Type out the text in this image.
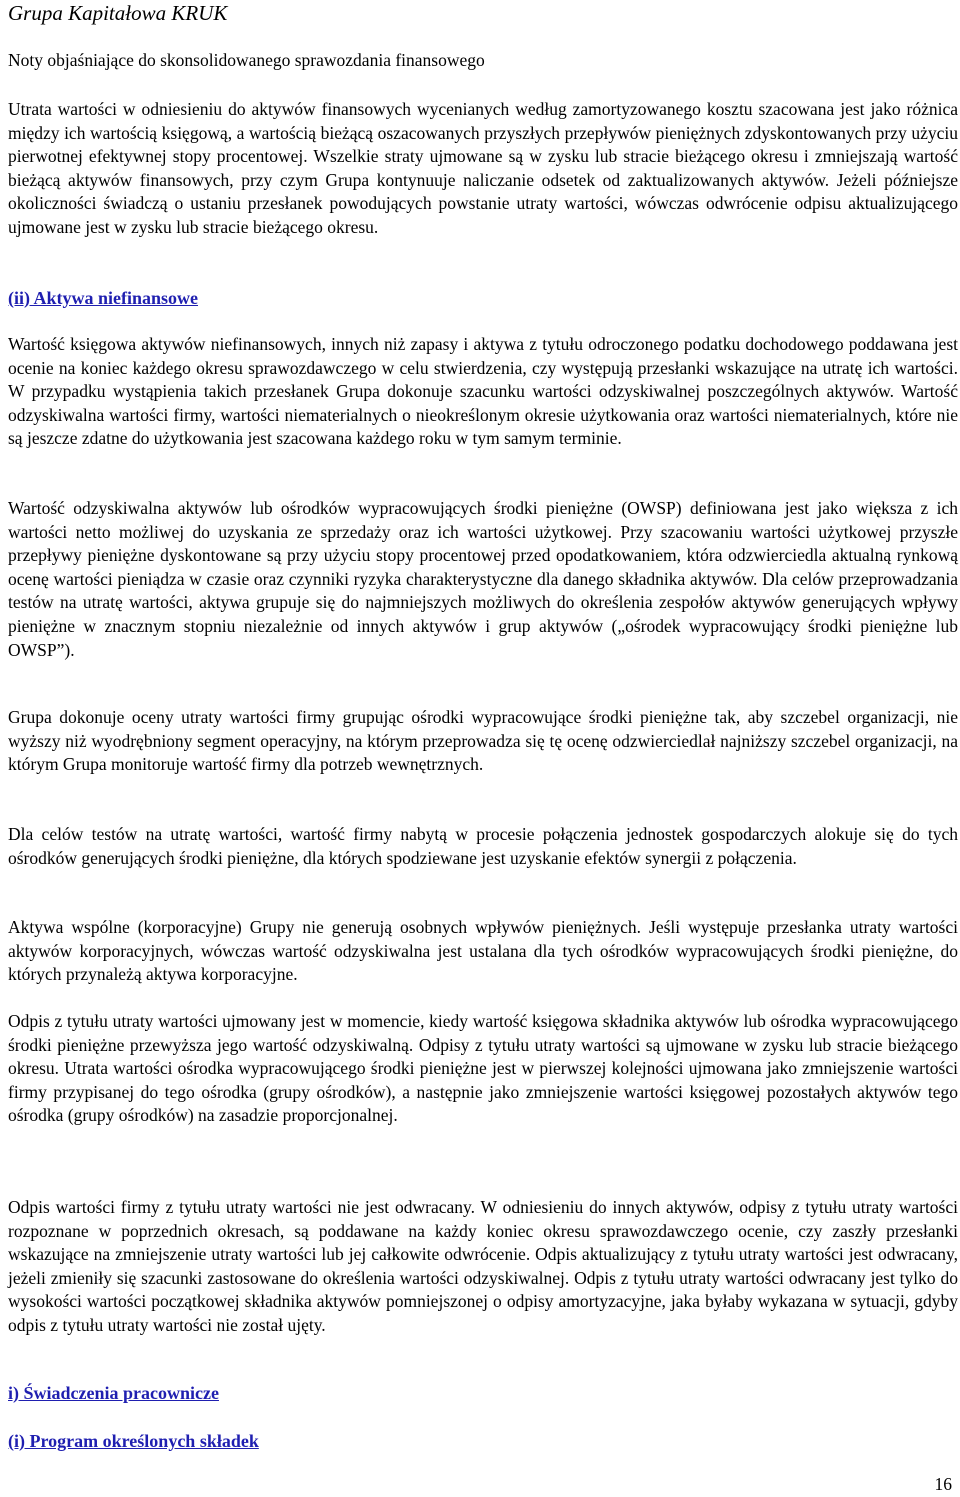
Grupa Kapitałowa KRUK
Noty objaśniające do skonsolidowanego sprawozdania finansowego

Utrata wartości w odniesieniu do aktywów finansowych wycenianych według zamortyzowanego kosztu szacowana jest jako różnica między ich wartością księgową, a wartością bieżącą oszacowanych przyszłych przepływów pieniężnych zdyskontowanych przy użyciu pierwotnej efektywnej stopy procentowej. Wszelkie straty ujmowane są w zysku lub stracie bieżącego okresu i zmniejszają wartość bieżącą aktywów finansowych, przy czym Grupa kontynuuje naliczanie odsetek od zaktualizowanych aktywów. Jeżeli późniejsze okoliczności świadczą o ustaniu przesłanek powodujących powstanie utraty wartości, wówczas odwrócenie odpisu aktualizującego ujmowane jest w zysku lub stracie bieżącego okresu.

(ii) Aktywa niefinansowe

Wartość księgowa aktywów niefinansowych, innych niż zapasy i aktywa z tytułu odroczonego podatku dochodowego poddawana jest ocenie na koniec każdego okresu sprawozdawczego w celu stwierdzenia, czy występują przesłanki wskazujące na utratę ich wartości. W przypadku wystąpienia takich przesłanek Grupa dokonuje szacunku wartości odzyskiwalnej poszczególnych aktywów. Wartość odzyskiwalna wartości firmy, wartości niematerialnych o nieokreślonym okresie użytkowania oraz wartości niematerialnych, które nie są jeszcze zdatne do użytkowania jest szacowana każdego roku w tym samym terminie.

Wartość odzyskiwalna aktywów lub ośrodków wypracowujących środki pieniężne (OWSP) definiowana jest jako większa z ich wartości netto możliwej do uzyskania ze sprzedaży oraz ich wartości użytkowej. Przy szacowaniu wartości użytkowej przyszłe przepływy pieniężne dyskontowane są przy użyciu stopy procentowej przed opodatkowaniem, która odzwierciedla aktualną rynkową ocenę wartości pieniądza w czasie oraz czynniki ryzyka charakterystyczne dla danego składnika aktywów. Dla celów przeprowadzania testów na utratę wartości, aktywa grupuje się do najmniejszych możliwych do określenia zespołów aktywów generujących wpływy pieniężne w znacznym stopniu niezależnie od innych aktywów i grup aktywów („ośrodek wypracowujący środki pieniężne lub OWSP”).

Grupa dokonuje oceny utraty wartości firmy grupując ośrodki wypracowujące środki pieniężne tak, aby szczebel organizacji, nie wyższy niż wyodrębniony segment operacyjny, na którym przeprowadza się tę ocenę odzwierciedlał najniższy szczebel organizacji, na którym Grupa monitoruje wartość firmy dla potrzeb wewnętrznych.

Dla celów testów na utratę wartości, wartość firmy nabytą w procesie połączenia jednostek gospodarczych alokuje się do tych ośrodków generujących środki pieniężne, dla których spodziewane jest uzyskanie efektów synergii z połączenia.

Aktywa wspólne (korporacyjne) Grupy nie generują osobnych wpływów pieniężnych. Jeśli występuje przesłanka utraty wartości aktywów korporacyjnych, wówczas wartość odzyskiwalna jest ustalana dla tych ośrodków wypracowujących środki pieniężne, do których przynależą aktywa korporacyjne.

Odpis z tytułu utraty wartości ujmowany jest w momencie, kiedy wartość księgowa składnika aktywów lub ośrodka wypracowującego środki pieniężne przewyższa jego wartość odzyskiwalną. Odpisy z tytułu utraty wartości są ujmowane w zysku lub stracie bieżącego okresu. Utrata wartości ośrodka wypracowującego środki pieniężne jest w pierwszej kolejności ujmowana jako zmniejszenie wartości firmy przypisanej do tego ośrodka (grupy ośrodków), a następnie jako zmniejszenie wartości księgowej pozostałych aktywów tego ośrodka (grupy ośrodków) na zasadzie proporcjonalnej.

Odpis wartości firmy z tytułu utraty wartości nie jest odwracany. W odniesieniu do innych aktywów, odpisy z tytułu utraty wartości rozpoznane w poprzednich okresach, są poddawane na każdy koniec okresu sprawozdawczego ocenie, czy zaszły przesłanki wskazujące na zmniejszenie utraty wartości lub jej całkowite odwrócenie. Odpis aktualizujący z tytułu utraty wartości jest odwracany, jeżeli zmieniły się szacunki zastosowane do określenia wartości odzyskiwalnej. Odpis z tytułu utraty wartości odwracany jest tylko do wysokości wartości początkowej składnika aktywów pomniejszonej o odpisy amortyzacyjne, jaka byłaby wykazana w sytuacji, gdyby odpis z tytułu utraty wartości nie został ujęty.

i) Świadczenia pracownicze

(i) Program określonych składek

16
